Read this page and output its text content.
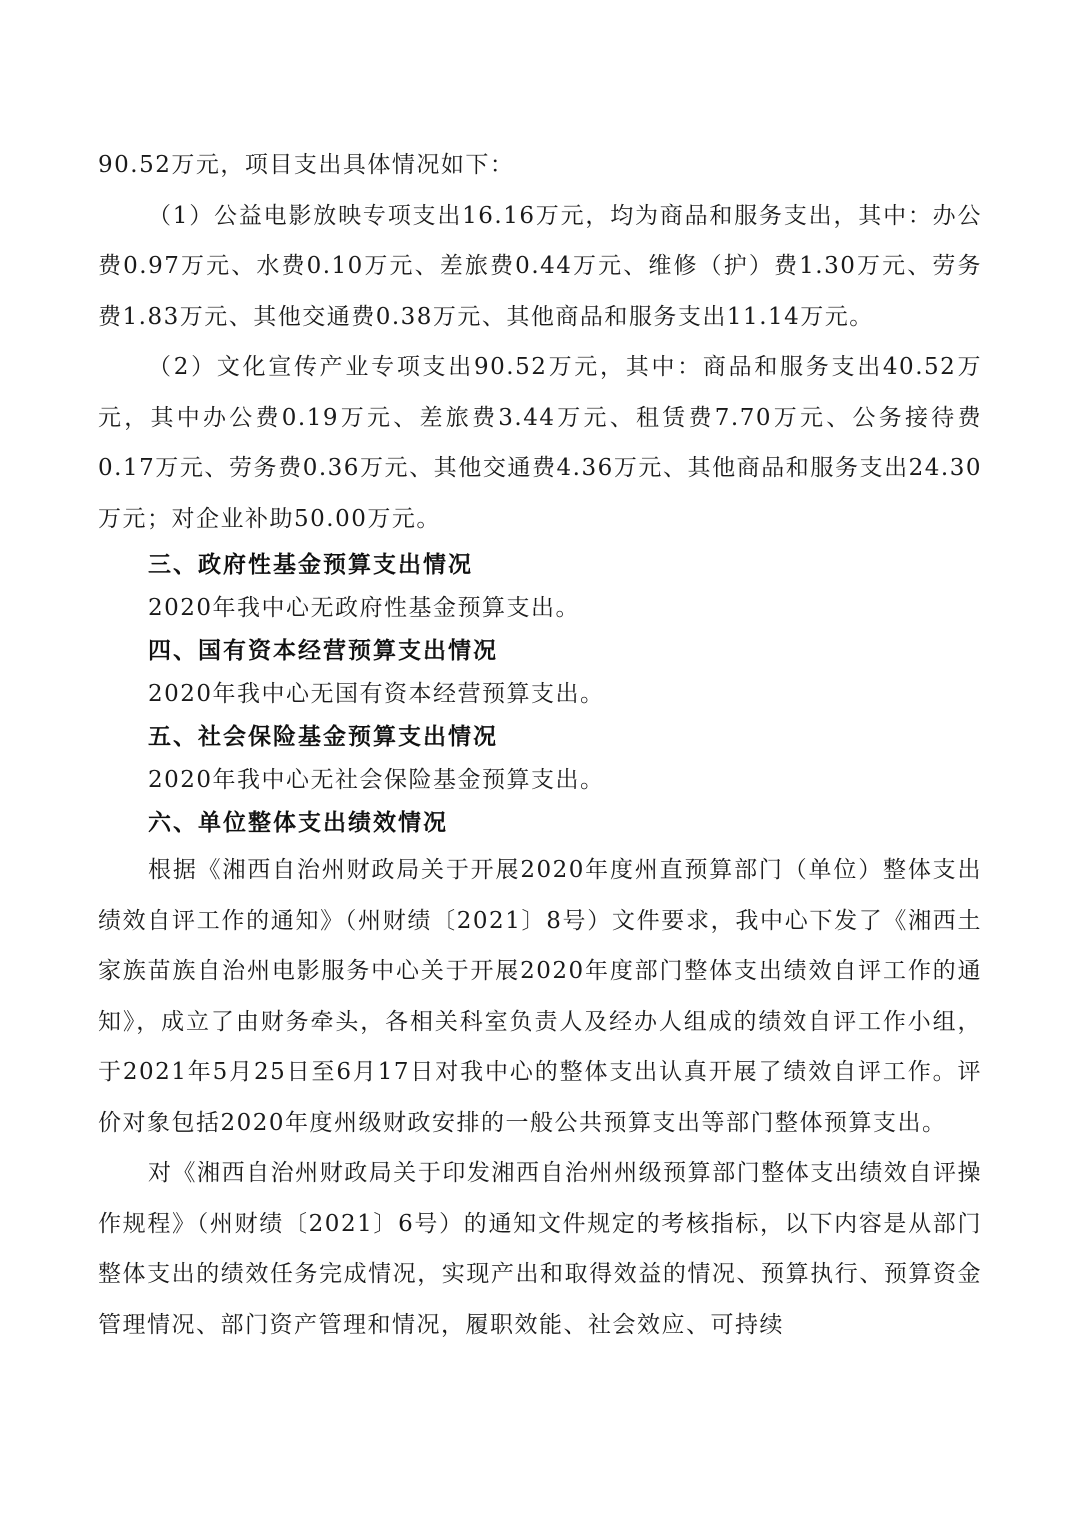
90.52万元，项目支出具体情况如下：

（1）公益电影放映专项支出16.16万元，均为商品和服务支出，其中：办公费0.97万元、水费0.10万元、差旅费0.44万元、维修（护）费1.30万元、劳务费1.83万元、其他交通费0.38万元、其他商品和服务支出11.14万元。

（2）文化宣传产业专项支出90.52万元，其中：商品和服务支出40.52万元，其中办公费0.19万元、差旅费3.44万元、租赁费7.70万元、公务接待费0.17万元、劳务费0.36万元、其他交通费4.36万元、其他商品和服务支出24.30万元；对企业补助50.00万元。

三、政府性基金预算支出情况

2020年我中心无政府性基金预算支出。

四、国有资本经营预算支出情况

2020年我中心无国有资本经营预算支出。

五、社会保险基金预算支出情况

2020年我中心无社会保险基金预算支出。

六、单位整体支出绩效情况

根据《湘西自治州财政局关于开展2020年度州直预算部门（单位）整体支出绩效自评工作的通知》（州财绩〔2021〕8号）文件要求，我中心下发了《湘西土家族苗族自治州电影服务中心关于开展2020年度部门整体支出绩效自评工作的通知》，成立了由财务牵头，各相关科室负责人及经办人组成的绩效自评工作小组，于2021年5月25日至6月17日对我中心的整体支出认真开展了绩效自评工作。评价对象包括2020年度州级财政安排的一般公共预算支出等部门整体预算支出。

对《湘西自治州财政局关于印发湘西自治州州级预算部门整体支出绩效自评操作规程》（州财绩〔2021〕6号）的通知文件规定的考核指标，以下内容是从部门整体支出的绩效任务完成情况，实现产出和取得效益的情况、预算执行、预算资金管理情况、部门资产管理和情况，履职效能、社会效应、可持续
